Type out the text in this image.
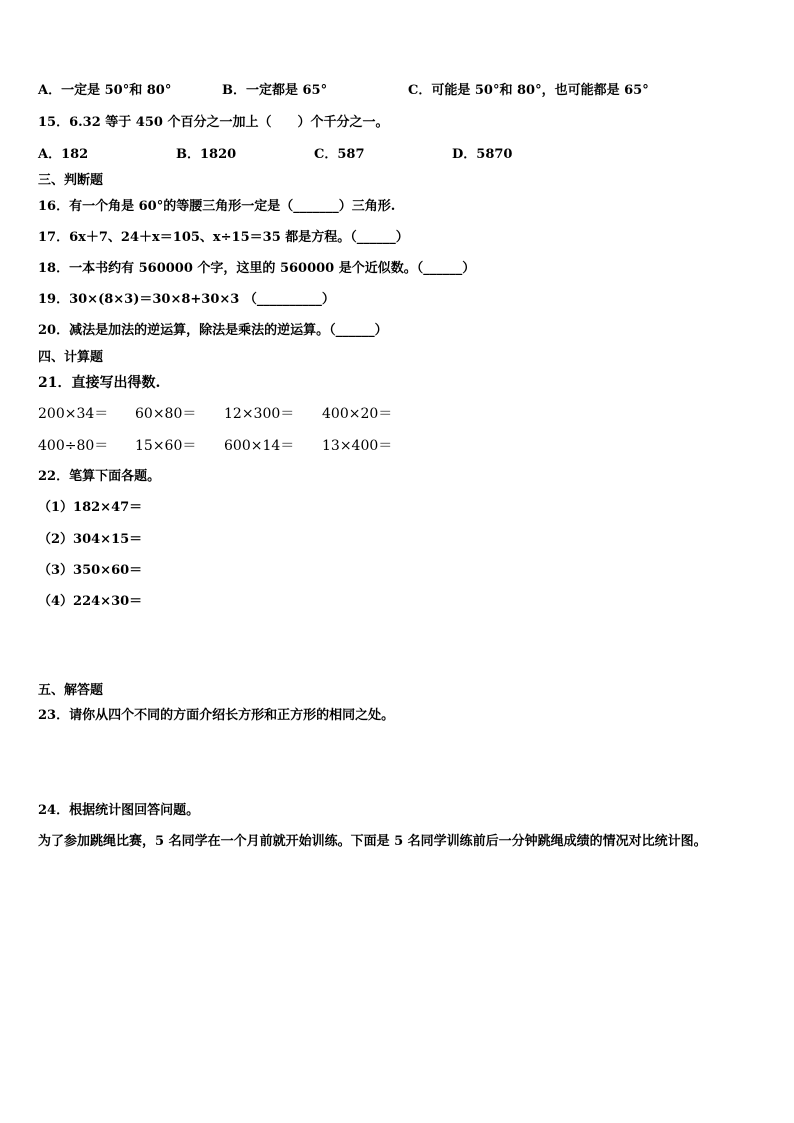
A．一定是 50°和 80°	B．一定都是 65°	C．可能是 50°和 80°，也可能都是 65°
15．6.32 等于 450 个百分之一加上（　　）个千分之一。
A．182	B．1820	C．587	D．5870
三、判断题
16．有一个角是 60°的等腰三角形一定是（_______）三角形.
17．6x＋7、24＋x＝105、x÷15＝35 都是方程。（______）
18．一本书约有 560000 个字，这里的 560000 是个近似数。（______）
19．30×(8×3)＝30×8+30×3 （__________）
20．减法是加法的逆运算，除法是乘法的逆运算。（______）
四、计算题
21．直接写出得数.
200×34＝ 60×80＝ 12×300＝ 400×20＝
400÷80＝ 15×60＝ 600×14＝ 13×400＝
22．笔算下面各题。
（1）182×47＝
（2）304×15＝
（3）350×60＝
（4）224×30＝
五、解答题
23．请你从四个不同的方面介绍长方形和正方形的相同之处。
24．根据统计图回答问题。
为了参加跳绳比赛，5 名同学在一个月前就开始训练。下面是 5 名同学训练前后一分钟跳绳成绩的情况对比统计图。
